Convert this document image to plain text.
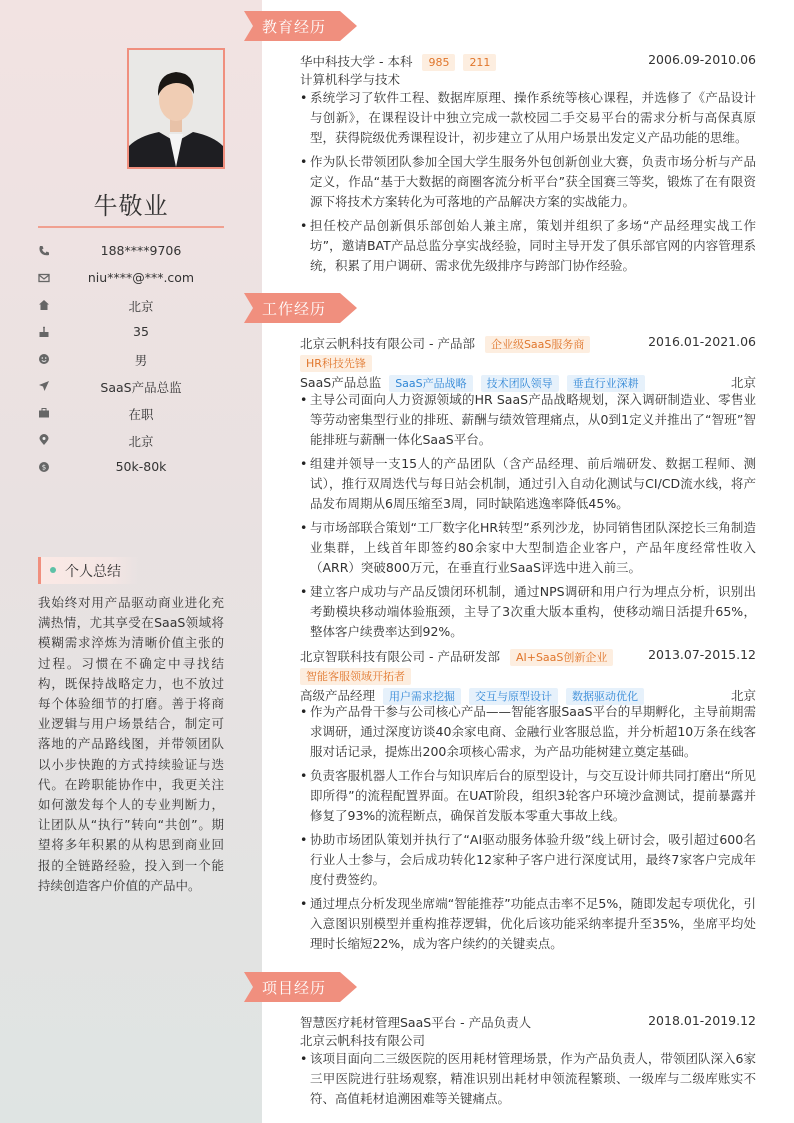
牛敬业
188****9706
niu****@***.com
北京
35
男
SaaS产品总监
在职
北京
$	50k-80k
个人总结
我始终对用产品驱动商业进化充满热情，尤其享受在SaaS领域将模糊需求淬炼为清晰价值主张的过程。习惯在不确定中寻找结构，既保持战略定力，也不放过每个体验细节的打磨。善于将商业逻辑与用户场景结合，制定可落地的产品路线图，并带领团队以小步快跑的方式持续验证与迭代。在跨职能协作中，我更关注如何激发每个人的专业判断力，让团队从“执行”转向“共创”。期望将多年积累的从构思到商业回报的全链路经验，投入到一个能持续创造客户价值的产品中。
教育经历
华中科技大学 - 本科 985 211	2006.09-2010.06
计算机科学与技术
• 系统学习了软件工程、数据库原理、操作系统等核心课程，并选修了《产品设计与创新》，在课程设计中独立完成一款校园二手交易平台的需求分析与高保真原型，获得院级优秀课程设计，初步建立了从用户场景出发定义产品功能的思维。
• 作为队长带领团队参加全国大学生服务外包创新创业大赛，负责市场分析与产品定义，作品“基于大数据的商圈客流分析平台”获全国赛三等奖，锻炼了在有限资源下将技术方案转化为可落地的产品解决方案的实战能力。
• 担任校产品创新俱乐部创始人兼主席，策划并组织了多场“产品经理实战工作坊”，邀请BAT产品总监分享实战经验，同时主导开发了俱乐部官网的内容管理系统，积累了用户调研、需求优先级排序与跨部门协作经验。
工作经历
北京云帆科技有限公司 - 产品部 企业级SaaS服务商	2016.01-2021.06
HR科技先锋
SaaS产品总监 SaaS产品战略 技术团队领导 垂直行业深耕	北京
• 主导公司面向人力资源领域的HR SaaS产品战略规划，深入调研制造业、零售业等劳动密集型行业的排班、薪酬与绩效管理痛点，从0到1定义并推出了“智班”智能排班与薪酬一体化SaaS平台。
• 组建并领导一支15人的产品团队（含产品经理、前后端研发、数据工程师、测试），推行双周迭代与每日站会机制，通过引入自动化测试与CI/CD流水线，将产品发布周期从6周压缩至3周，同时缺陷逃逸率降低45%。
• 与市场部联合策划“工厂数字化HR转型”系列沙龙，协同销售团队深挖长三角制造业集群，上线首年即签约80余家中大型制造企业客户，产品年度经常性收入（ARR）突破800万元，在垂直行业SaaS评选中进入前三。
• 建立客户成功与产品反馈闭环机制，通过NPS调研和用户行为埋点分析，识别出考勤模块移动端体验瓶颈，主导了3次重大版本重构，使移动端日活提升65%，整体客户续费率达到92%。
北京智联科技有限公司 - 产品研发部 AI+SaaS创新企业	2013.07-2015.12
智能客服领域开拓者
高级产品经理 用户需求挖掘 交互与原型设计 数据驱动优化	北京
• 作为产品骨干参与公司核心产品——智能客服SaaS平台的早期孵化，主导前期需求调研，通过深度访谈40余家电商、金融行业客服总监，并分析超10万条在线客服对话记录，提炼出200余项核心需求，为产品功能树建立奠定基础。
• 负责客服机器人工作台与知识库后台的原型设计，与交互设计师共同打磨出“所见即所得”的流程配置界面。在UAT阶段，组织3轮客户环境沙盒测试，提前暴露并修复了93%的流程断点，确保首发版本零重大事故上线。
• 协助市场团队策划并执行了“AI驱动服务体验升级”线上研讨会，吸引超过600名行业人士参与，会后成功转化12家种子客户进行深度试用，最终7家客户完成年度付费签约。
• 通过埋点分析发现坐席端“智能推荐”功能点击率不足5%，随即发起专项优化，引入意图识别模型并重构推荐逻辑，优化后该功能采纳率提升至35%，坐席平均处理时长缩短22%，成为客户续约的关键卖点。
项目经历
智慧医疗耗材管理SaaS平台 - 产品负责人	2018.01-2019.12
北京云帆科技有限公司
• 该项目面向二三级医院的医用耗材管理场景，作为产品负责人，带领团队深入6家三甲医院进行驻场观察，精准识别出耗材申领流程繁琐、一级库与二级库账实不符、高值耗材追溯困难等关键痛点。
